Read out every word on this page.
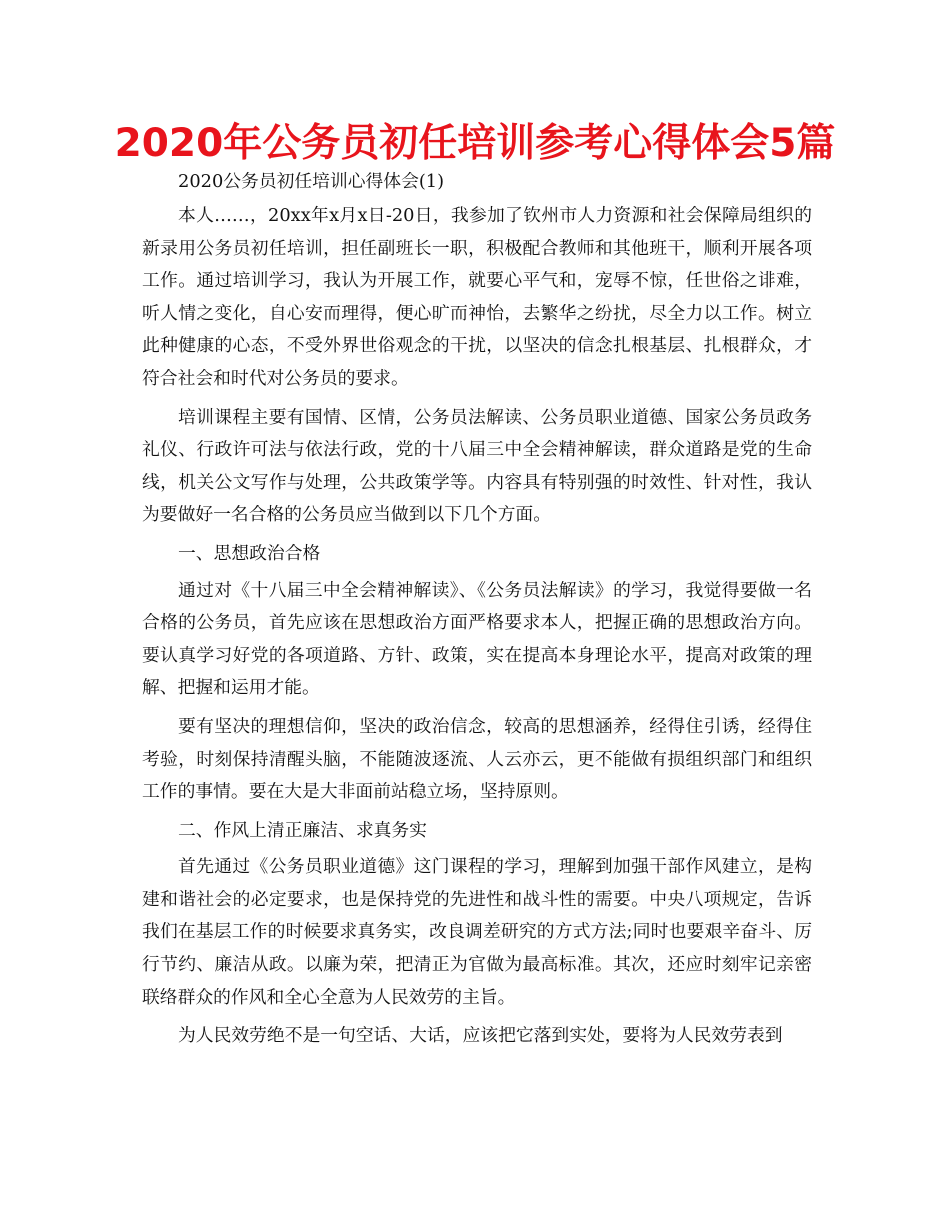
2020年公务员初任培训参考心得体会5篇

2020公务员初任培训心得体会(1)

本人……，20xx年x月x日-20日，我参加了钦州市人力资源和社会保障局组织的新录用公务员初任培训，担任副班长一职，积极配合教师和其他班干，顺利开展各项工作。通过培训学习，我认为开展工作，就要心平气和，宠辱不惊，任世俗之诽难，听人情之变化，自心安而理得，便心旷而神怡，去繁华之纷扰，尽全力以工作。树立此种健康的心态，不受外界世俗观念的干扰，以坚决的信念扎根基层、扎根群众，才符合社会和时代对公务员的要求。

培训课程主要有国情、区情，公务员法解读、公务员职业道德、国家公务员政务礼仪、行政许可法与依法行政，党的十八届三中全会精神解读，群众道路是党的生命线，机关公文写作与处理，公共政策学等。内容具有特别强的时效性、针对性，我认为要做好一名合格的公务员应当做到以下几个方面。

一、思想政治合格

通过对《十八届三中全会精神解读》、《公务员法解读》的学习，我觉得要做一名合格的公务员，首先应该在思想政治方面严格要求本人，把握正确的思想政治方向。要认真学习好党的各项道路、方针、政策，实在提高本身理论水平，提高对政策的理解、把握和运用才能。

要有坚决的理想信仰，坚决的政治信念，较高的思想涵养，经得住引诱，经得住考验，时刻保持清醒头脑，不能随波逐流、人云亦云，更不能做有损组织部门和组织工作的事情。要在大是大非面前站稳立场，坚持原则。

二、作风上清正廉洁、求真务实

首先通过《公务员职业道德》这门课程的学习，理解到加强干部作风建立，是构建和谐社会的必定要求，也是保持党的先进性和战斗性的需要。中央八项规定，告诉我们在基层工作的时候要求真务实，改良调差研究的方式方法;同时也要艰辛奋斗、厉行节约、廉洁从政。以廉为荣，把清正为官做为最高标准。其次，还应时刻牢记亲密联络群众的作风和全心全意为人民效劳的主旨。

为人民效劳绝不是一句空话、大话，应该把它落到实处，要将为人民效劳表到
